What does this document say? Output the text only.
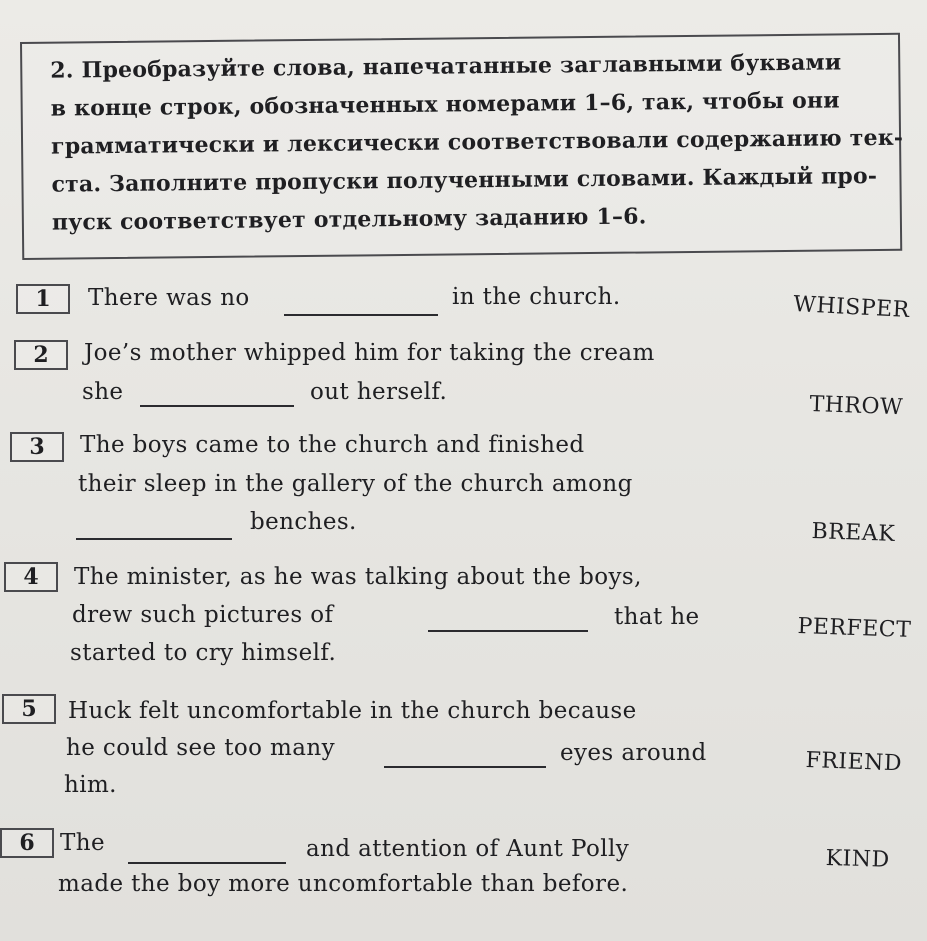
2. Преобразуйте слова, напечатанные заглавными буквами
в конце строк, обозначенных номерами 1–6, так, чтобы они
грамматически и лексически соответствовали содержанию тек-
ста. Заполните пропуски полученными словами. Каждый про-
пуск соответствует отдельному заданию 1–6.
1	There was no	in the church.	WHISPER
2	Joe’s mother whipped him for taking the cream
she	out herself.	THROW
3	The boys came to the church and finished
their sleep in the gallery of the church among
benches.	BREAK
4	The minister, as he was talking about the boys,
drew such pictures of	that he
started to cry himself.
PERFECT
5	Huck felt uncomfortable in the church because
he could see too many	eyes around
him.
FRIEND
6	The	and attention of Aunt Polly
made the boy more uncomfortable than before.
KIND
